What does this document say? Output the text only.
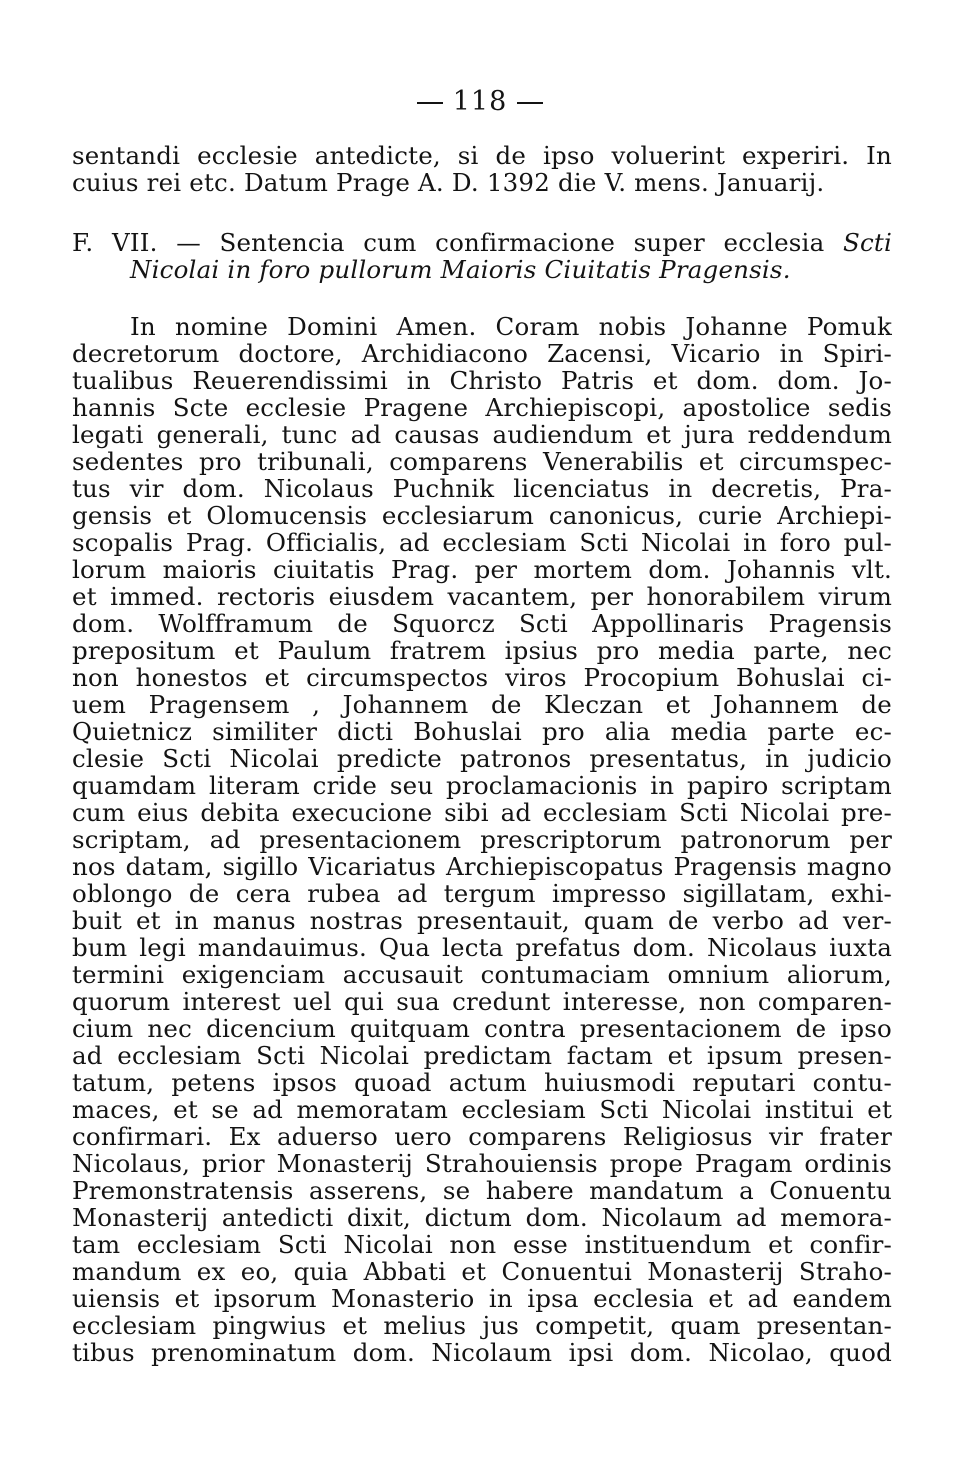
118
sentandi ecclesie antedicte, si de ipso voluerint experiri. In
cuius rei etc. Datum Prage A. D. 1392 die V. mens. Januarij.
F. VII. — Sentencia cum confirmacione super ecclesia Scti
Nicolai in foro pullorum Maioris Ciuitatis Pragensis.
In nomine Domini Amen. Coram nobis Johanne Pomuk
decretorum doctore, Archidiacono Zacensi, Vicario in Spiri-
tualibus Reuerendissimi in Christo Patris et dom. dom. Jo-
hannis Scte ecclesie Pragene Archiepiscopi, apostolice sedis
legati generali, tunc ad causas audiendum et jura reddendum
sedentes pro tribunali, comparens Venerabilis et circumspec-
tus vir dom. Nicolaus Puchnik licenciatus in decretis, Pra-
gensis et Olomucensis ecclesiarum canonicus, curie Archiepi-
scopalis Prag. Officialis, ad ecclesiam Scti Nicolai in foro pul-
lorum maioris ciuitatis Prag. per mortem dom. Johannis vlt.
et immed. rectoris eiusdem vacantem, per honorabilem virum
dom. Wolfframum de Squorcz Scti Appollinaris Pragensis
prepositum et Paulum fratrem ipsius pro media parte, nec
non honestos et circumspectos viros Procopium Bohuslai ci-
uem Pragensem , Johannem de Kleczan et Johannem de
Quietnicz similiter dicti Bohuslai pro alia media parte ec-
clesie Scti Nicolai predicte patronos presentatus, in judicio
quamdam literam cride seu proclamacionis in papiro scriptam
cum eius debita execucione sibi ad ecclesiam Scti Nicolai pre-
scriptam, ad presentacionem prescriptorum patronorum per
nos datam, sigillo Vicariatus Archiepiscopatus Pragensis magno
oblongo de cera rubea ad tergum impresso sigillatam, exhi-
buit et in manus nostras presentauit, quam de verbo ad ver-
bum legi mandauimus. Qua lecta prefatus dom. Nicolaus iuxta
termini exigenciam accusauit contumaciam omnium aliorum,
quorum interest uel qui sua credunt interesse, non comparen-
cium nec dicencium quitquam contra presentacionem de ipso
ad ecclesiam Scti Nicolai predictam factam et ipsum presen-
tatum, petens ipsos quoad actum huiusmodi reputari contu-
maces, et se ad memoratam ecclesiam Scti Nicolai institui et
confirmari. Ex aduerso uero comparens Religiosus vir frater
Nicolaus, prior Monasterij Strahouiensis prope Pragam ordinis
Premonstratensis asserens, se habere mandatum a Conuentu
Monasterij antedicti dixit, dictum dom. Nicolaum ad memora-
tam ecclesiam Scti Nicolai non esse instituendum et confir-
mandum ex eo, quia Abbati et Conuentui Monasterij Straho-
uiensis et ipsorum Monasterio in ipsa ecclesia et ad eandem
ecclesiam pingwius et melius jus competit, quam presentan-
tibus prenominatum dom. Nicolaum ipsi dom. Nicolao, quod
